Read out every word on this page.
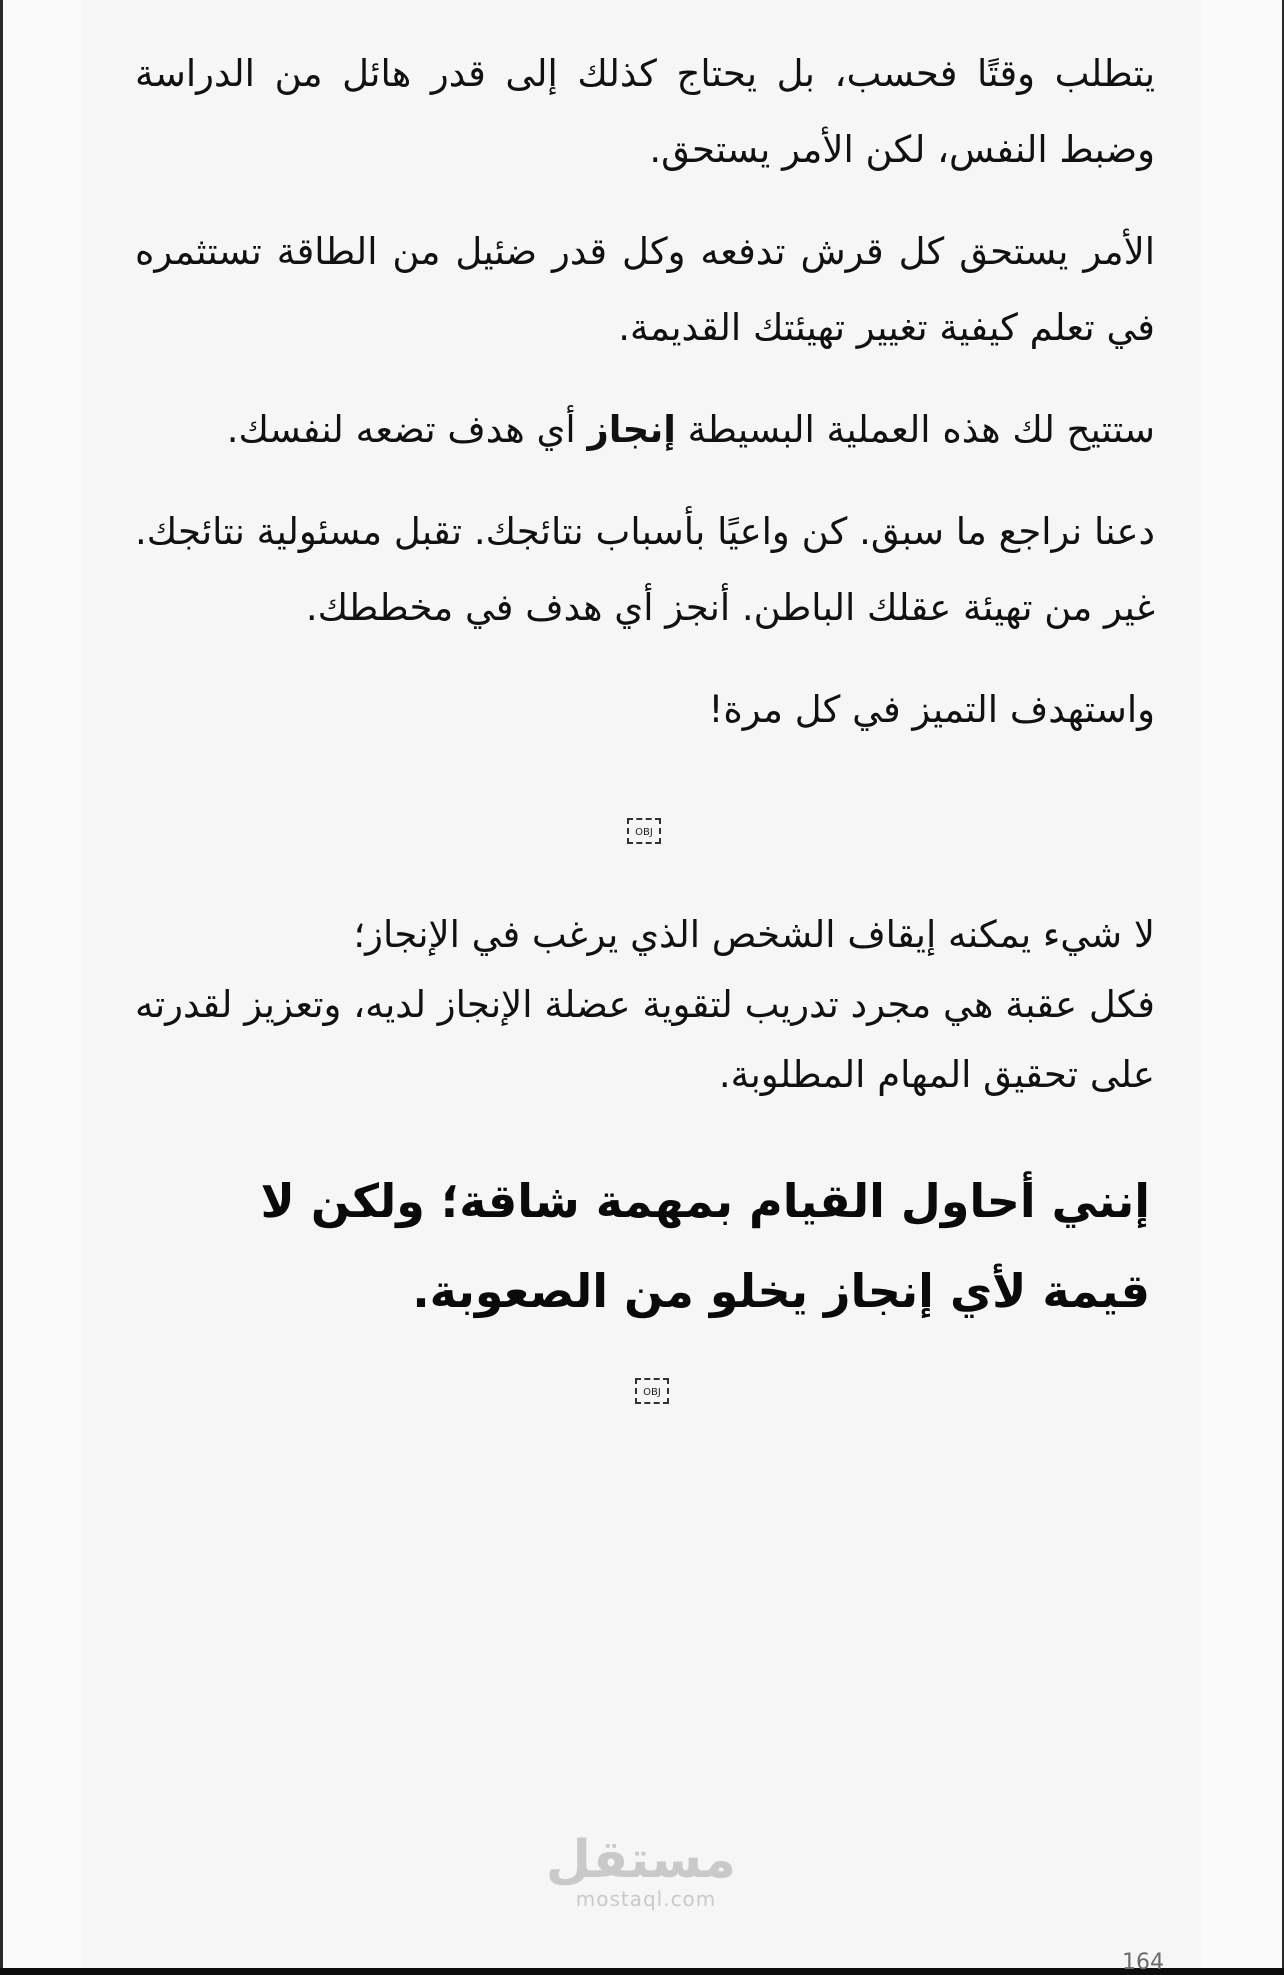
يتطلب وقتًا فحسب، بل يحتاج كذلك إلى قدر هائل من الدراسة وضبط النفس، لكن الأمر يستحق.

الأمر يستحق كل قرش تدفعه وكل قدر ضئيل من الطاقة تستثمره في تعلم كيفية تغيير تهيئتك القديمة.

ستتيح لك هذه العملية البسيطة إنجاز أي هدف تضعه لنفسك.

دعنا نراجع ما سبق. كن واعيًا بأسباب نتائجك. تقبل مسئولية نتائجك. غير من تهيئة عقلك الباطن. أنجز أي هدف في مخططك.

واستهدف التميز في كل مرة!

OBJ

لا شيء يمكنه إيقاف الشخص الذي يرغب في الإنجاز؛

فكل عقبة هي مجرد تدريب لتقوية عضلة الإنجاز لديه، وتعزيز لقدرته على تحقيق المهام المطلوبة.

إنني أحاول القيام بمهمة شاقة؛ ولكن لا قيمة لأي إنجاز يخلو من الصعوبة.

OBJ
مستقل
mostaql.com
164
